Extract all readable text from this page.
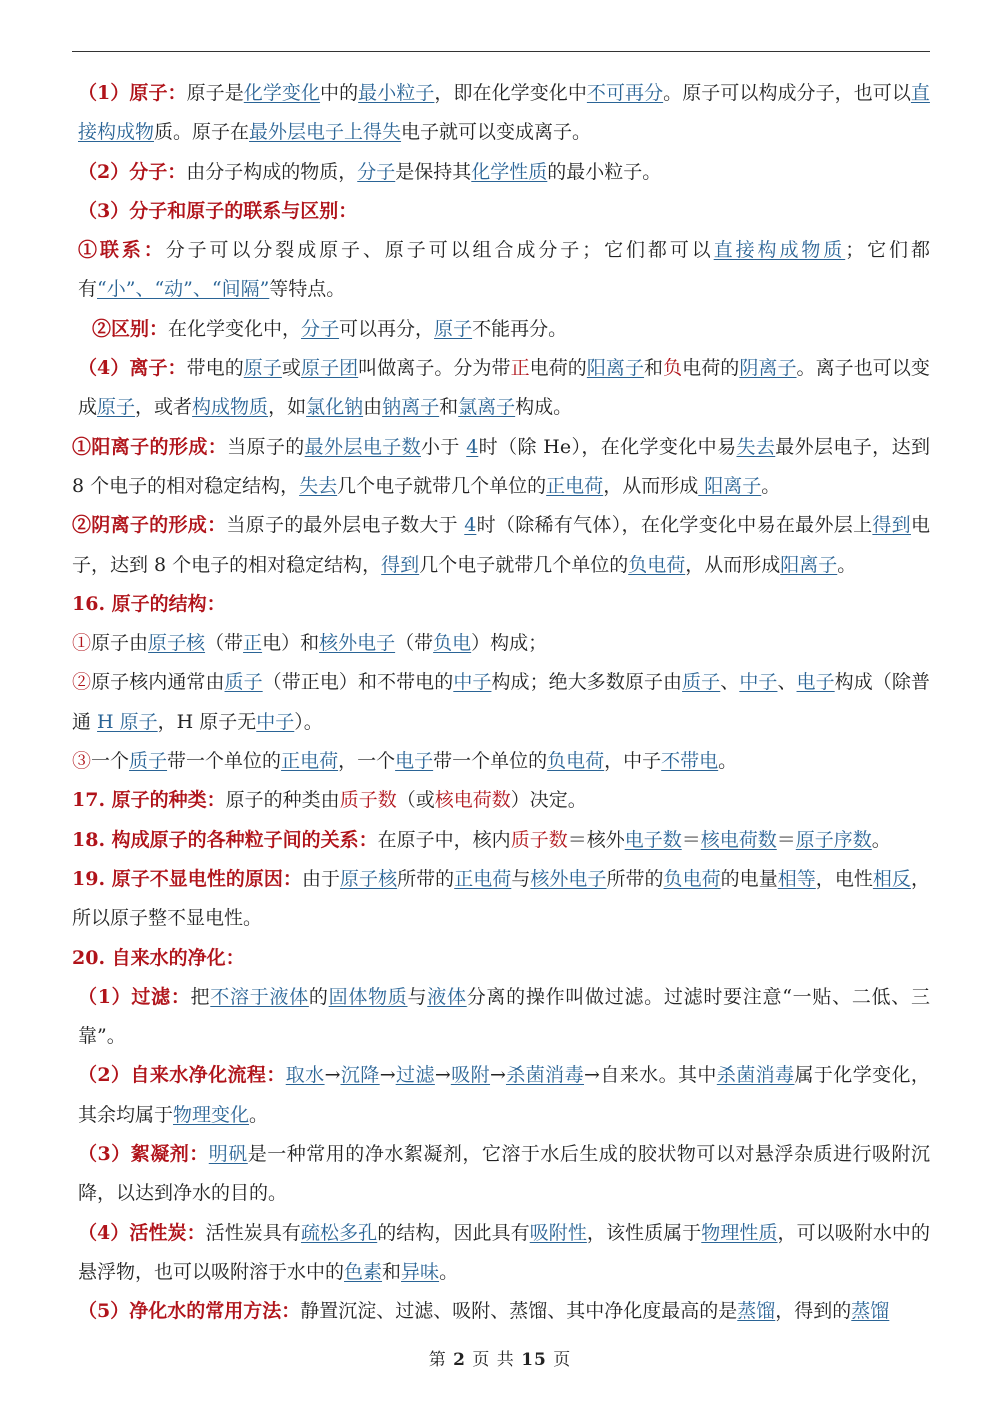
（1）原子：原子是化学变化中的最小粒子，即在化学变化中不可再分。原子可以构成分子，也可以直接构成物质。原子在最外层电子上得失电子就可以变成离子。

（2）分子：由分子构成的物质，分子是保持其化学性质的最小粒子。

（3）分子和原子的联系与区别：

①联系：分子可以分裂成原子、原子可以组合成分子；它们都可以直接构成物质；它们都有“小”、“动”、“间隔”等特点。

②区别：在化学变化中，分子可以再分，原子不能再分。

（4）离子：带电的原子或原子团叫做离子。分为带正电荷的阳离子和负电荷的阴离子。离子也可以变成原子，或者构成物质，如氯化钠由钠离子和氯离子构成。

①阳离子的形成：当原子的最外层电子数小于 4时（除 He），在化学变化中易失去最外层电子，达到 8 个电子的相对稳定结构，失去几个电子就带几个单位的正电荷，从而形成 阳离子。

②阴离子的形成：当原子的最外层电子数大于 4时（除稀有气体），在化学变化中易在最外层上得到电子，达到 8 个电子的相对稳定结构，得到几个电子就带几个单位的负电荷，从而形成阳离子。

16. 原子的结构：

①原子由原子核（带正电）和核外电子（带负电）构成；

②原子核内通常由质子（带正电）和不带电的中子构成；绝大多数原子由质子、中子、电子构成（除普通 H 原子，H 原子无中子）。

③一个质子带一个单位的正电荷，一个电子带一个单位的负电荷，中子不带电。

17. 原子的种类：原子的种类由质子数（或核电荷数）决定。

18. 构成原子的各种粒子间的关系：在原子中，核内质子数＝核外电子数＝核电荷数＝原子序数。

19. 原子不显电性的原因：由于原子核所带的正电荷与核外电子所带的负电荷的电量相等，电性相反，所以原子整不显电性。

20. 自来水的净化：

（1）过滤：把不溶于液体的固体物质与液体分离的操作叫做过滤。过滤时要注意“一贴、二低、三靠”。

（2）自来水净化流程：取水→沉降→过滤→吸附→杀菌消毒→自来水。其中杀菌消毒属于化学变化，其余均属于物理变化。

（3）絮凝剂：明矾是一种常用的净水絮凝剂，它溶于水后生成的胶状物可以对悬浮杂质进行吸附沉降，以达到净水的目的。

（4）活性炭：活性炭具有疏松多孔的结构，因此具有吸附性，该性质属于物理性质，可以吸附水中的悬浮物，也可以吸附溶于水中的色素和异味。

（5）净化水的常用方法：静置沉淀、过滤、吸附、蒸馏、其中净化度最高的是蒸馏，得到的蒸馏

第 2 页 共 15 页
